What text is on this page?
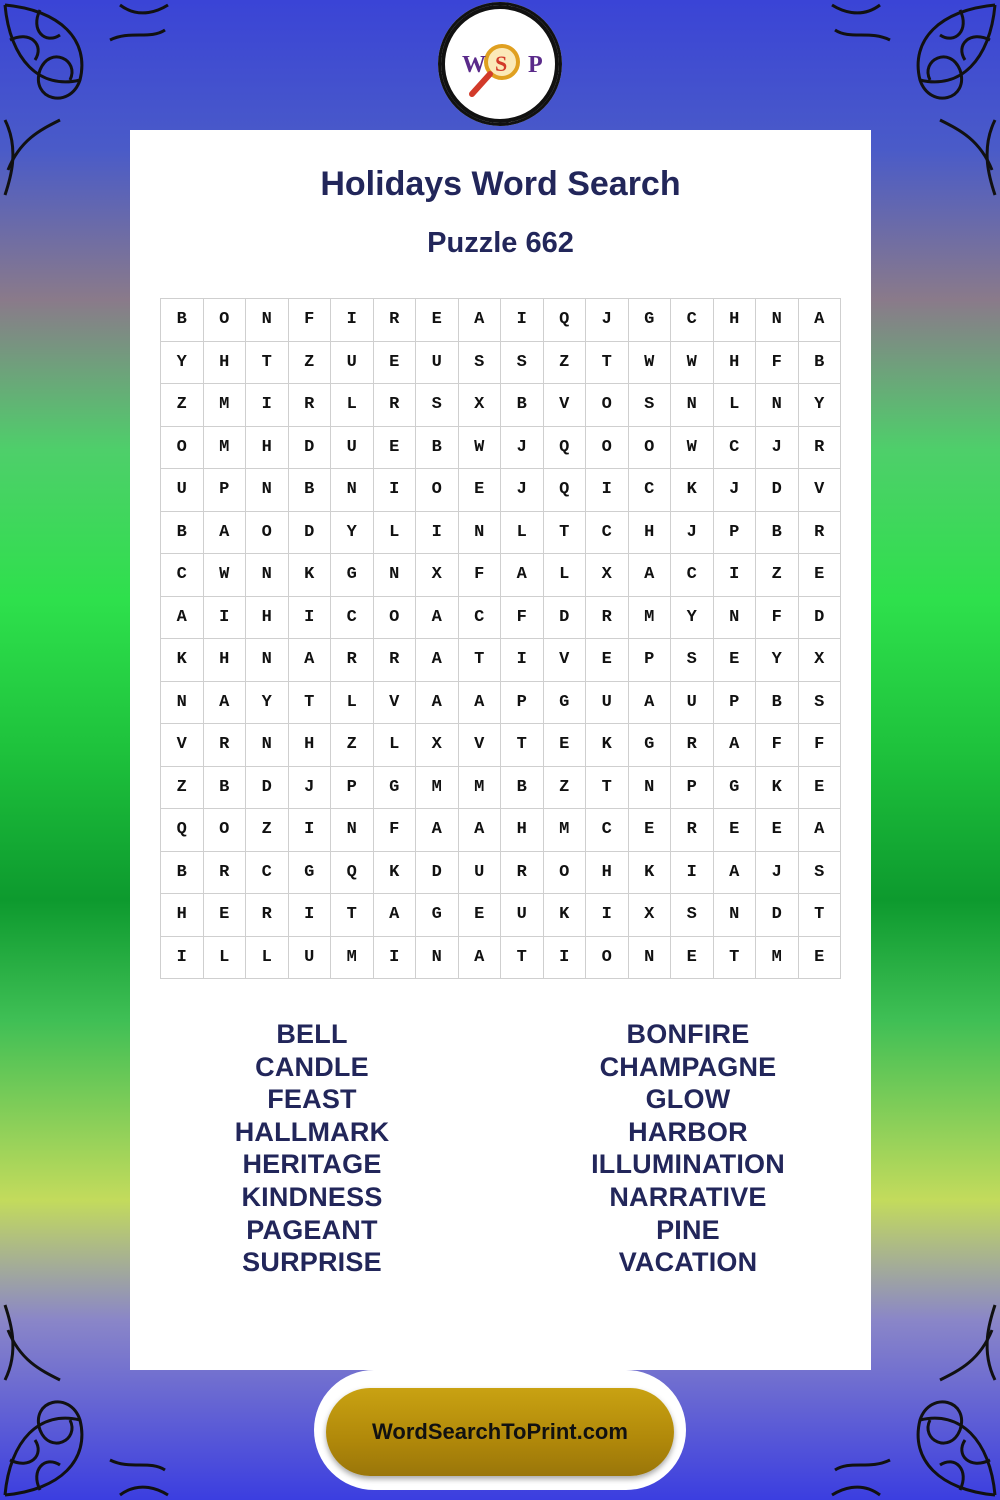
W S P
Holidays Word Search
Puzzle 662
B	O	N	F	I	R	E	A	I	Q	J	G	C	H	N	A
Y	H	T	Z	U	E	U	S	S	Z	T	W	W	H	F	B
Z	M	I	R	L	R	S	X	B	V	O	S	N	L	N	Y
O	M	H	D	U	E	B	W	J	Q	O	O	W	C	J	R
U	P	N	B	N	I	O	E	J	Q	I	C	K	J	D	V
B	A	O	D	Y	L	I	N	L	T	C	H	J	P	B	R
C	W	N	K	G	N	X	F	A	L	X	A	C	I	Z	E
A	I	H	I	C	O	A	C	F	D	R	M	Y	N	F	D
K	H	N	A	R	R	A	T	I	V	E	P	S	E	Y	X
N	A	Y	T	L	V	A	A	P	G	U	A	U	P	B	S
V	R	N	H	Z	L	X	V	T	E	K	G	R	A	F	F
Z	B	D	J	P	G	M	M	B	Z	T	N	P	G	K	E
Q	O	Z	I	N	F	A	A	H	M	C	E	R	E	E	A
B	R	C	G	Q	K	D	U	R	O	H	K	I	A	J	S
H	E	R	I	T	A	G	E	U	K	I	X	S	N	D	T
I	L	L	U	M	I	N	A	T	I	O	N	E	T	M	E
BELL
CANDLE
FEAST
HALLMARK
HERITAGE
KINDNESS
PAGEANT
SURPRISE
BONFIRE
CHAMPAGNE
GLOW
HARBOR
ILLUMINATION
NARRATIVE
PINE
VACATION
WordSearchToPrint.com
